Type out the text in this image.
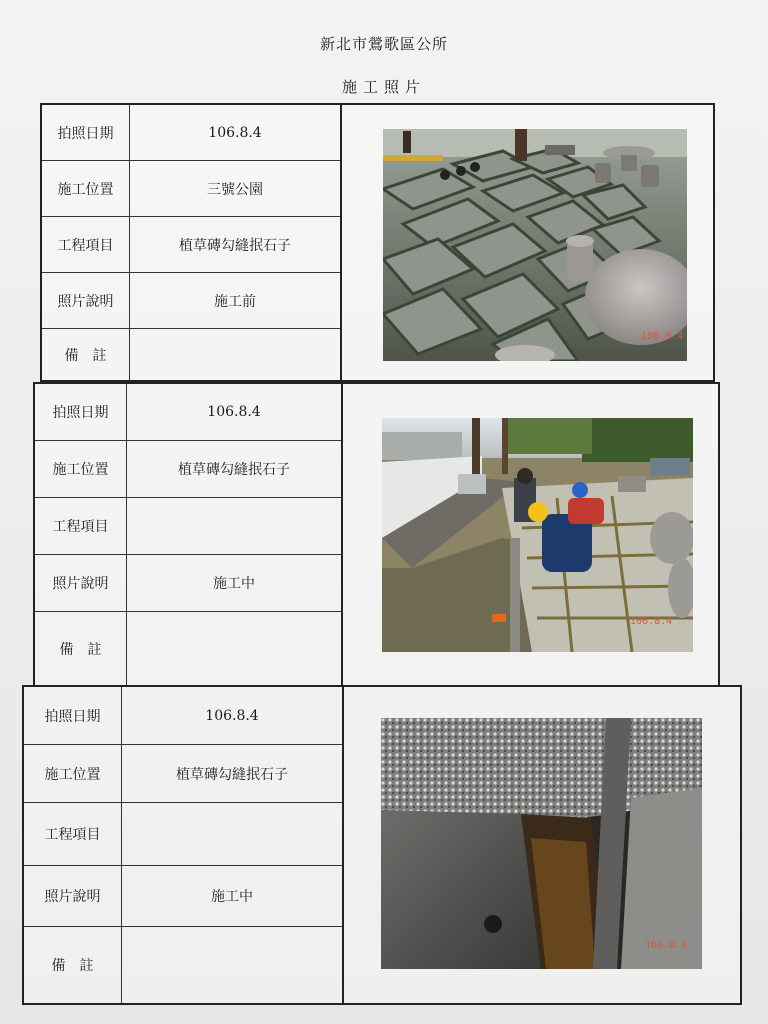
新北市鶯歌區公所
施工照片
拍照日期	106.8.4
施工位置	三號公園
工程項目	植草磚勾縫抿石子
照片說明	施工前
備　註
106.8.4
拍照日期	106.8.4
施工位置	植草磚勾縫抿石子
工程項目
照片說明	施工中
備　註
106.8.4
拍照日期	106.8.4
施工位置	植草磚勾縫抿石子
工程項目
照片說明	施工中
備　註
106.8.4
